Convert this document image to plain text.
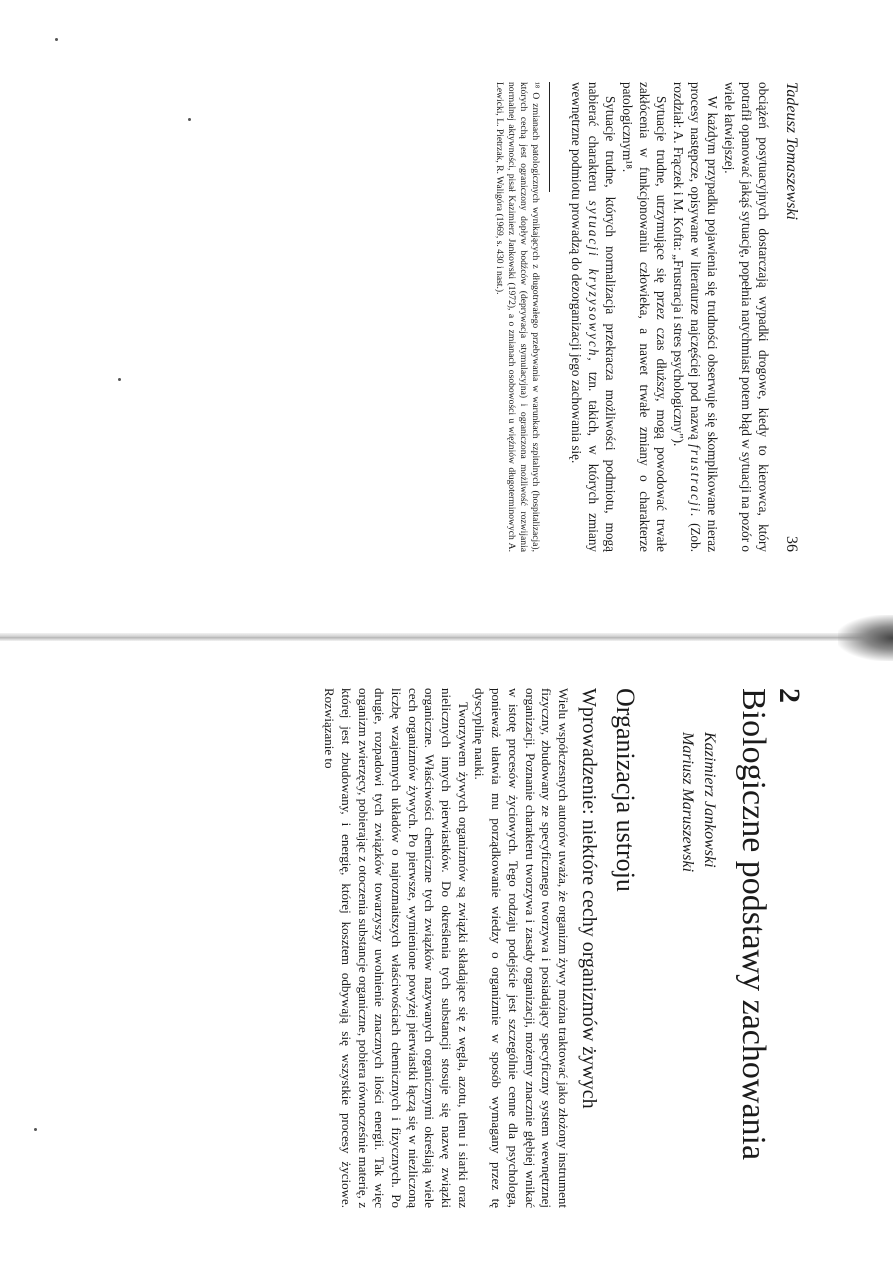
Tadeusz Tomaszewski
36

obciążeń posytuacyjnych dostarczają wypadki drogowe, kiedy to kierowca, który potrafił opanować jakąś sytuację, popełnia natychmiast potem błąd w sytuacji na pozór o wiele łatwiejszej.

W każdym przypadku pojawienia się trudności obserwuje się skomplikowane nieraz procesy następcze, opisywane w literaturze najczęściej pod nazwą frustracji. (Zob. rozdział: A. Frączek i M. Kofta: „Frustracja i stres psychologiczny").

Sytuacje trudne, utrzymujące się przez czas dłuższy, mogą powodować trwałe zakłócenia w funkcjonowaniu człowieka, a nawet trwałe zmiany o charakterze patologicznym¹⁸.

Sytuacje trudne, których normalizacja przekracza możliwości podmiotu, mogą nabierać charakteru sytuacji kryzysowych, tzn. takich, w których zmiany wewnętrzne podmiotu prowadzą do dezorganizacji jego zachowania się.

¹⁸ O zmianach patologicznych wynikających z długotrwałego przebywania w warunkach szpitalnych (hospitalizacja), których cechą jest ograniczony dopływ bodźców (deprywacja stymulacyjna) i ograniczona możliwość rozwijania normalnej aktywności, pisał Kazimierz Jankowski (1972), a o zmianach osobowości u więźniów długoterminowych A. Lewicki, L. Pietrzak, R. Waligóra (1969, s. 430 i nast.).

2 Biologiczne podstawy zachowania
Kazimierz Jankowski
Mariusz Maruszewski
Organizacja ustroju
Wprowadzenie: niektóre cechy organizmów żywych

Wielu współczesnych autorów uważa, że organizm żywy można traktować jako złożony instrument fizyczny, zbudowany ze specyficznego tworzywa i posiadający specyficzny system wewnętrznej organizacji. Poznanie charakteru tworzywa i zasady organizacji, możemy znacznie głębiej wnikać w istotę procesów życiowych. Tego rodzaju podejście jest szczególnie cenne dla psychologa, ponieważ ułatwia mu porządkowanie wiedzy o organizmie w sposób wymagany przez tę dyscyplinę nauki.

Tworzywem żywych organizmów są związki składające się z węgla, azotu, tlenu i siarki oraz nielicznych innych pierwiastków. Do określenia tych substancji stosuje się nazwę związki organiczne. Właściwości chemiczne tych związków nazywanych organicznymi określają wiele cech organizmów żywych. Po pierwsze, wymienione powyżej pierwiastki łączą się w niezliczoną liczbę wzajemnych układów o najrozmaitszych właściwościach chemicznych i fizycznych. Po drugie, rozpadowi tych związków towarzyszy uwolnienie znacznych ilości energii. Tak więc organizm zwierzęcy, pobierając z otoczenia substancje organiczne, pobiera równocześnie materię, z której jest zbudowany, i energię, której kosztem odbywają się wszystkie procesy życiowe. Rozwiązanie to
